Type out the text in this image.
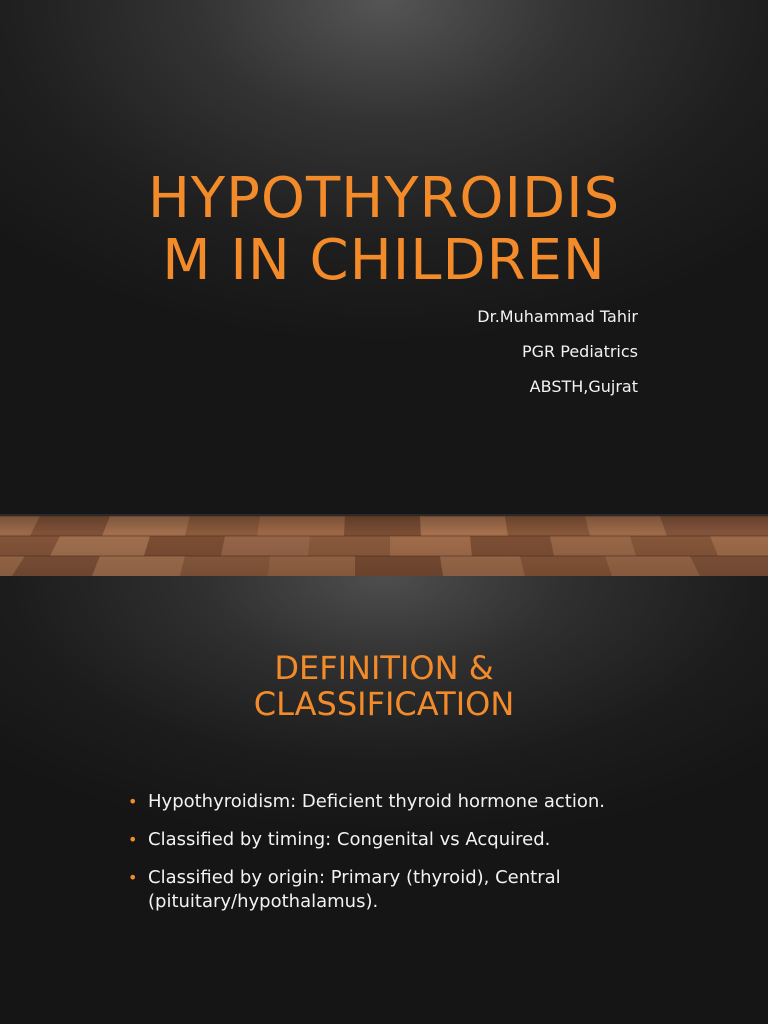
HYPOTHYROIDIS
M IN CHILDREN
Dr.Muhammad Tahir
PGR Pediatrics
ABSTH,Gujrat
DEFINITION &
CLASSIFICATION
• Hypothyroidism: Deficient thyroid hormone action.
• Classified by timing: Congenital vs Acquired.
• Classified by origin: Primary (thyroid), Central (pituitary/hypothalamus).
